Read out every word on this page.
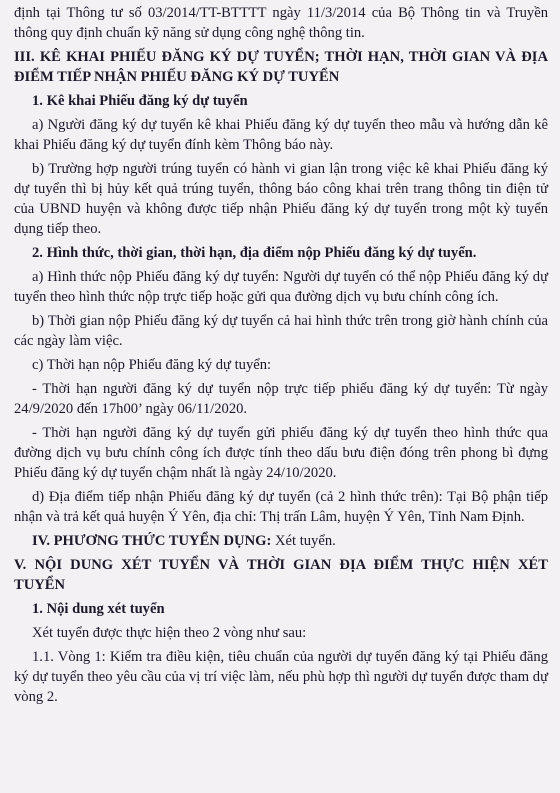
định tại Thông tư số 03/2014/TT-BTTTT ngày 11/3/2014 của Bộ Thông tin và Truyền thông quy định chuẩn kỹ năng sử dụng công nghệ thông tin.

III. KÊ KHAI PHIẾU ĐĂNG KÝ DỰ TUYỂN; THỜI HẠN, THỜI GIAN VÀ ĐỊA ĐIỂM TIẾP NHẬN PHIẾU ĐĂNG KÝ DỰ TUYỂN

1. Kê khai Phiếu đăng ký dự tuyển

a) Người đăng ký dự tuyển kê khai Phiếu đăng ký dự tuyển theo mẫu và hướng dẫn kê khai Phiếu đăng ký dự tuyển đính kèm Thông báo này.

b) Trường hợp người trúng tuyển có hành vi gian lận trong việc kê khai Phiếu đăng ký dự tuyển thì bị hủy kết quả trúng tuyển, thông báo công khai trên trang thông tin điện tử của UBND huyện và không được tiếp nhận Phiếu đăng ký dự tuyển trong một kỳ tuyển dụng tiếp theo.

2. Hình thức, thời gian, thời hạn, địa điểm nộp Phiếu đăng ký dự tuyển.

a) Hình thức nộp Phiếu đăng ký dự tuyển: Người dự tuyển có thể nộp Phiếu đăng ký dự tuyển theo hình thức nộp trực tiếp hoặc gửi qua đường dịch vụ bưu chính công ích.

b) Thời gian nộp Phiếu đăng ký dự tuyển cả hai hình thức trên trong giờ hành chính của các ngày làm việc.

c) Thời hạn nộp Phiếu đăng ký dự tuyển:

- Thời hạn người đăng ký dự tuyển nộp trực tiếp phiếu đăng ký dự tuyển: Từ ngày 24/9/2020 đến 17h00’ ngày 06/11/2020.

- Thời hạn người đăng ký dự tuyển gửi phiếu đăng ký dự tuyển theo hình thức qua đường dịch vụ bưu chính công ích được tính theo dấu bưu điện đóng trên phong bì đựng Phiếu đăng ký dự tuyển chậm nhất là ngày 24/10/2020.

d) Địa điểm tiếp nhận Phiếu đăng ký dự tuyển (cả 2 hình thức trên): Tại Bộ phận tiếp nhận và trả kết quả huyện Ý Yên, địa chỉ: Thị trấn Lâm, huyện Ý Yên, Tỉnh Nam Định.

IV. PHƯƠNG THỨC TUYỂN DỤNG: Xét tuyển.

V. NỘI DUNG XÉT TUYỂN VÀ THỜI GIAN ĐỊA ĐIỂM THỰC HIỆN XÉT TUYỂN

1. Nội dung xét tuyển

Xét tuyển được thực hiện theo 2 vòng như sau:

1.1. Vòng 1: Kiểm tra điều kiện, tiêu chuẩn của người dự tuyển đăng ký tại Phiếu đăng ký dự tuyển theo yêu cầu của vị trí việc làm, nếu phù hợp thì người dự tuyển được tham dự vòng 2.
